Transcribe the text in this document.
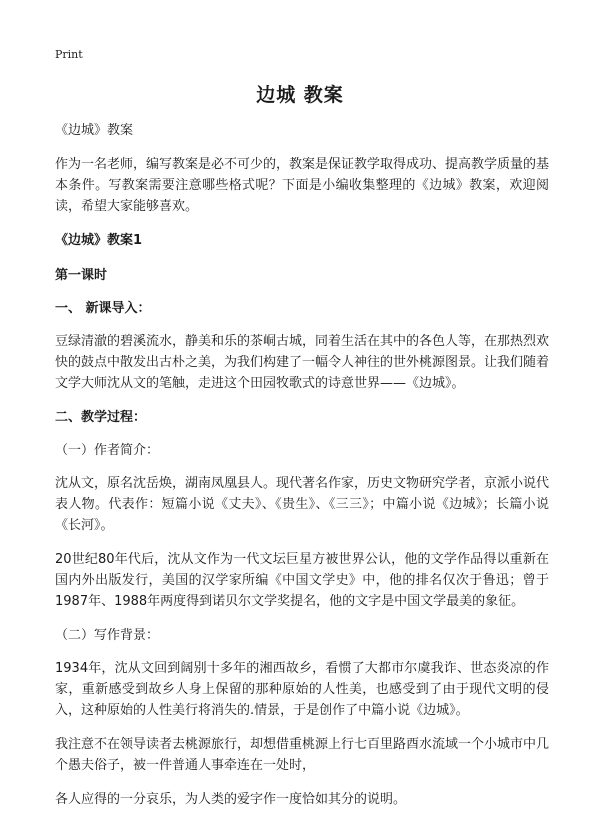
Print
边城 教案

《边城》教案

作为一名老师，编写教案是必不可少的，教案是保证教学取得成功、提高教学质量的基本条件。写教案需要注意哪些格式呢？下面是小编收集整理的《边城》教案，欢迎阅读，希望大家能够喜欢。

《边城》教案1

第一课时

一、 新课导入：

豆绿清澈的碧溪流水，静美和乐的茶峒古城，同着生活在其中的各色人等，在那热烈欢快的鼓点中散发出古朴之美，为我们构建了一幅令人神往的世外桃源图景。让我们随着文学大师沈从文的笔触，走进这个田园牧歌式的诗意世界——《边城》。

二、教学过程：

（一）作者简介：

沈从文，原名沈岳焕，湖南凤凰县人。现代著名作家，历史文物研究学者，京派小说代表人物。代表作：短篇小说《丈夫》、《贵生》、《三三》；中篇小说《边城》；长篇小说《长河》。

20世纪80年代后，沈从文作为一代文坛巨星方被世界公认，他的文学作品得以重新在国内外出版发行，美国的汉学家所编《中国文学史》中，他的排名仅次于鲁迅；曾于1987年、1988年两度得到诺贝尔文学奖提名，他的文字是中国文学最美的象征。

（二）写作背景：

1934年，沈从文回到阔别十多年的湘西故乡，看惯了大都市尔虞我诈、世态炎凉的作家，重新感受到故乡人身上保留的那种原始的人性美，也感受到了由于现代文明的侵入，这种原始的人性美行将消失的.情景，于是创作了中篇小说《边城》。

我注意不在领导读者去桃源旅行，却想借重桃源上行七百里路酉水流域一个小城市中几个愚夫俗子，被一件普通人事牵连在一处时，

各人应得的一分哀乐，为人类的爱字作一度恰如其分的说明。
